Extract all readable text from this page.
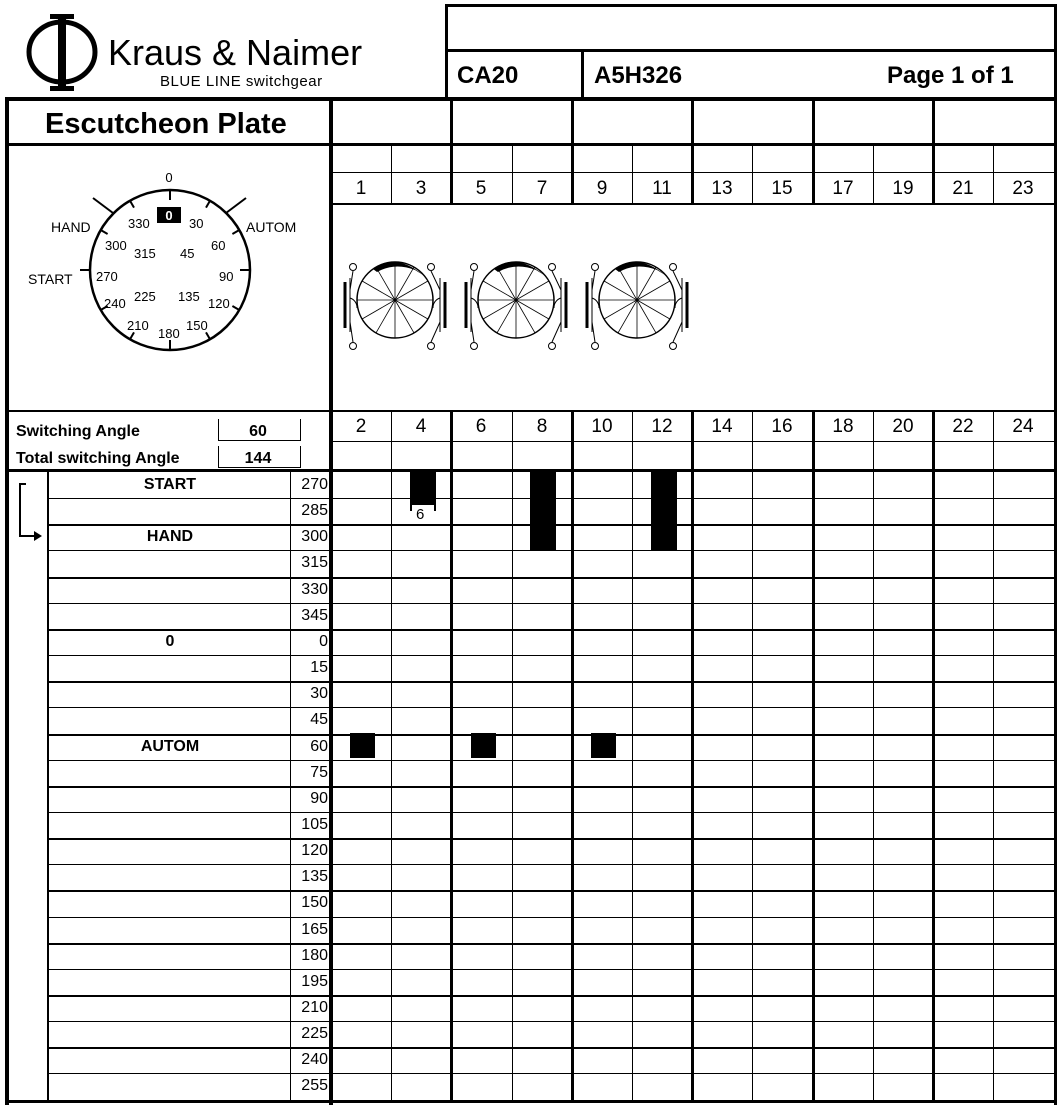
Kraus & Naimer
BLUE LINE switchgear	CA20	A5H326	Page 1 of 1
Escutcheon Plate
0
0
HAND	AUTOM
START
330	30
300
315 45
60
270	90
240 225 135 120
210
180
150
Switching Angle	60
Total switching Angle	144
1	3	5	7	9	11	13	15	17	19	21	23
2	4	6	8	10	12	14	16	18	20	22	24
START	270
285
HAND	300
315
330
345
0	0
15
30
45
AUTOM	60
75
90
105
120
135
150
165
180
195
210
225
240
255
6
